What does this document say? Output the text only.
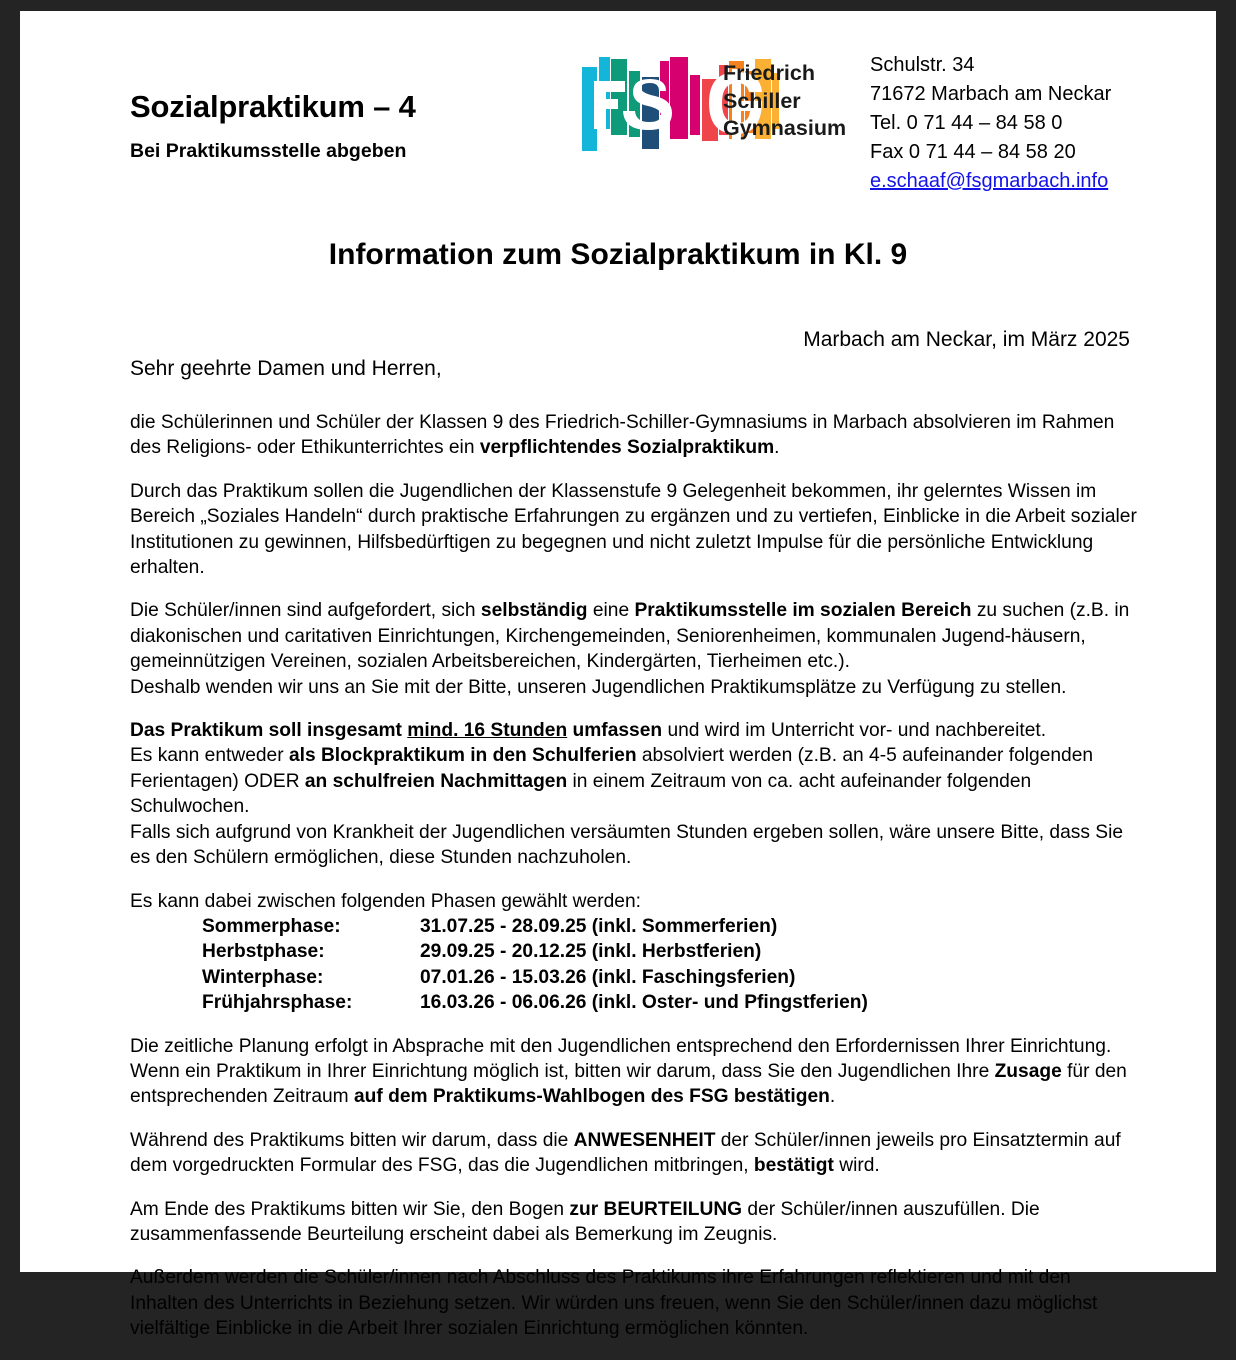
Sozialpraktikum – 4
Bei Praktikumsstelle abgeben
Friedrich
Schiller
Gymnasium
Schulstr. 34
71672 Marbach am Neckar
Tel. 0 71 44 – 84 58 0
Fax 0 71 44 – 84 58 20
e.schaaf@fsgmarbach.info
Information zum Sozialpraktikum in Kl. 9
Marbach am Neckar, im März 2025
Sehr geehrte Damen und Herren,

die Schülerinnen und Schüler der Klassen 9 des Friedrich-Schiller-Gymnasiums in Marbach absolvieren im Rahmen des Religions- oder Ethikunterrichtes ein verpflichtendes Sozialpraktikum.

Durch das Praktikum sollen die Jugendlichen der Klassenstufe 9 Gelegenheit bekommen, ihr gelerntes Wissen im Bereich „Soziales Handeln“ durch praktische Erfahrungen zu ergänzen und zu vertiefen, Einblicke in die Arbeit sozialer Institutionen zu gewinnen, Hilfsbedürftigen zu begegnen und nicht zuletzt Impulse für die persönliche Entwicklung erhalten.

Die Schüler/innen sind aufgefordert, sich selbständig eine Praktikumsstelle im sozialen Bereich zu suchen (z.B. in diakonischen und caritativen Einrichtungen, Kirchengemeinden, Seniorenheimen, kommunalen Jugend-häusern, gemeinnützigen Vereinen, sozialen Arbeitsbereichen, Kindergärten, Tierheimen etc.).

Deshalb wenden wir uns an Sie mit der Bitte, unseren Jugendlichen Praktikumsplätze zu Verfügung zu stellen.

Das Praktikum soll insgesamt mind. 16 Stunden umfassen und wird im Unterricht vor- und nachbereitet.

Es kann entweder als Blockpraktikum in den Schulferien absolviert werden (z.B. an 4-5 aufeinander folgenden Ferientagen) ODER an schulfreien Nachmittagen in einem Zeitraum von ca. acht aufeinander folgenden Schulwochen.

Falls sich aufgrund von Krankheit der Jugendlichen versäumten Stunden ergeben sollen, wäre unsere Bitte, dass Sie es den Schülern ermöglichen, diese Stunden nachzuholen.

Es kann dabei zwischen folgenden Phasen gewählt werden:

Sommerphase:	31.07.25 - 28.09.25 (inkl. Sommerferien)
Herbstphase:	29.09.25 - 20.12.25 (inkl. Herbstferien)
Winterphase:	07.01.26 - 15.03.26 (inkl. Faschingsferien)
Frühjahrsphase:	16.03.26 - 06.06.26 (inkl. Oster- und Pfingstferien)

Die zeitliche Planung erfolgt in Absprache mit den Jugendlichen entsprechend den Erfordernissen Ihrer Einrichtung. Wenn ein Praktikum in Ihrer Einrichtung möglich ist, bitten wir darum, dass Sie den Jugendlichen Ihre Zusage für den entsprechenden Zeitraum auf dem Praktikums-Wahlbogen des FSG bestätigen.

Während des Praktikums bitten wir darum, dass die ANWESENHEIT der Schüler/innen jeweils pro Einsatztermin auf dem vorgedruckten Formular des FSG, das die Jugendlichen mitbringen, bestätigt wird.

Am Ende des Praktikums bitten wir Sie, den Bogen zur BEURTEILUNG der Schüler/innen auszufüllen. Die zusammenfassende Beurteilung erscheint dabei als Bemerkung im Zeugnis.

Außerdem werden die Schüler/innen nach Abschluss des Praktikums ihre Erfahrungen reflektieren und mit den Inhalten des Unterrichts in Beziehung setzen. Wir würden uns freuen, wenn Sie den Schüler/innen dazu möglichst vielfältige Einblicke in die Arbeit Ihrer sozialen Einrichtung ermöglichen könnten.
